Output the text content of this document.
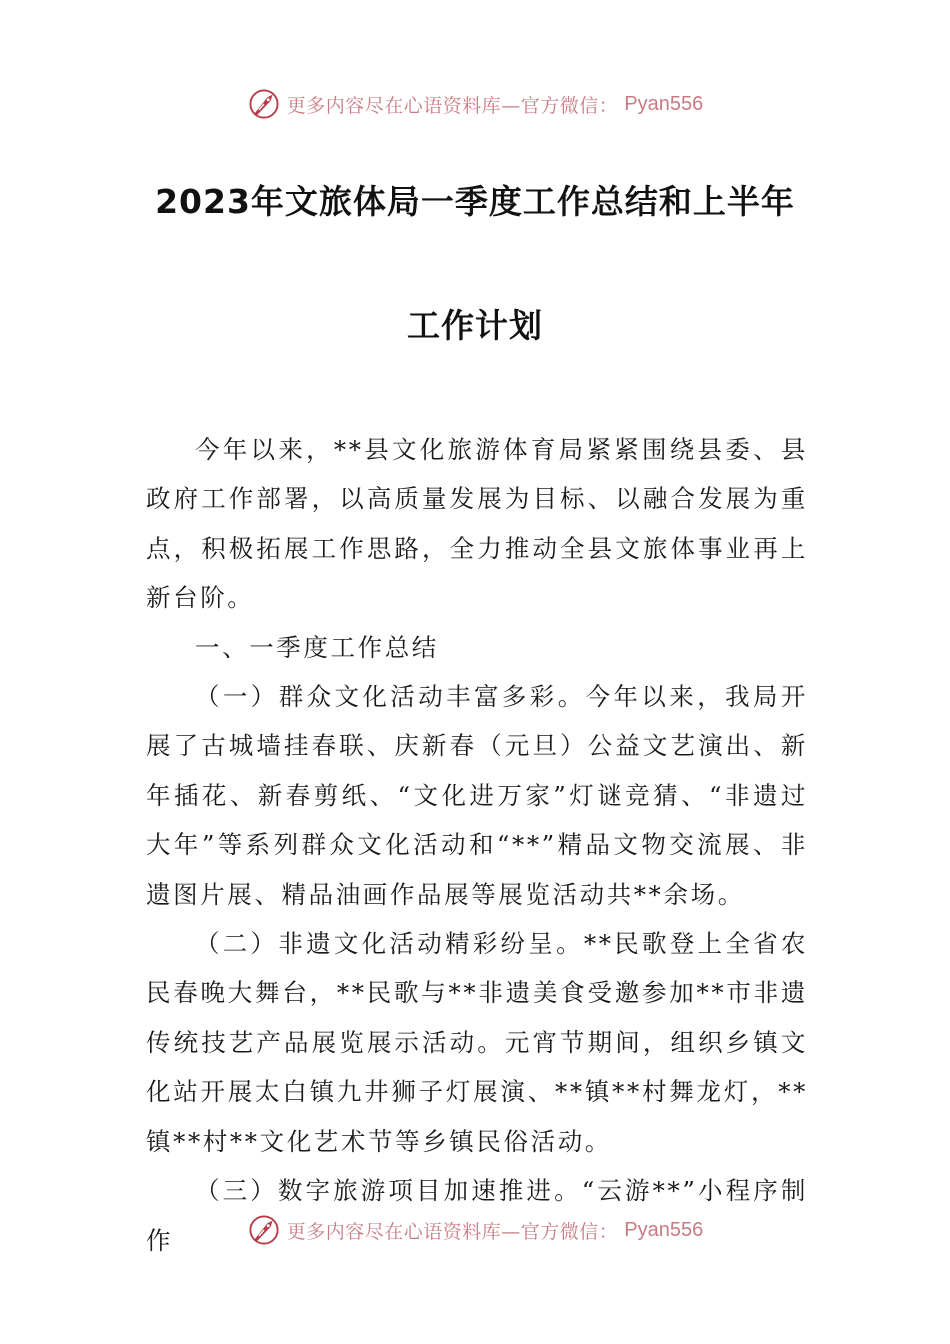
更多内容尽在心语资料库—官方微信： Pyan556
2023年文旅体局一季度工作总结和上半年
工作计划

今年以来，**县文化旅游体育局紧紧围绕县委、县政府工作部署，以高质量发展为目标、以融合发展为重点，积极拓展工作思路，全力推动全县文旅体事业再上新台阶。

一、一季度工作总结

（一）群众文化活动丰富多彩。今年以来，我局开展了古城墙挂春联、庆新春（元旦）公益文艺演出、新年插花、新春剪纸、“文化进万家”灯谜竞猜、“非遗过大年”等系列群众文化活动和“**”精品文物交流展、非遗图片展、精品油画作品展等展览活动共**余场。

（二）非遗文化活动精彩纷呈。**民歌登上全省农民春晚大舞台，**民歌与**非遗美食受邀参加**市非遗传统技艺产品展览展示活动。元宵节期间，组织乡镇文化站开展太白镇九井狮子灯展演、**镇**村舞龙灯，**镇**村**文化艺术节等乡镇民俗活动。

（三）数字旅游项目加速推进。“云游**”小程序制作	更多内容尽在心语资料库—官方微信： Pyan556
